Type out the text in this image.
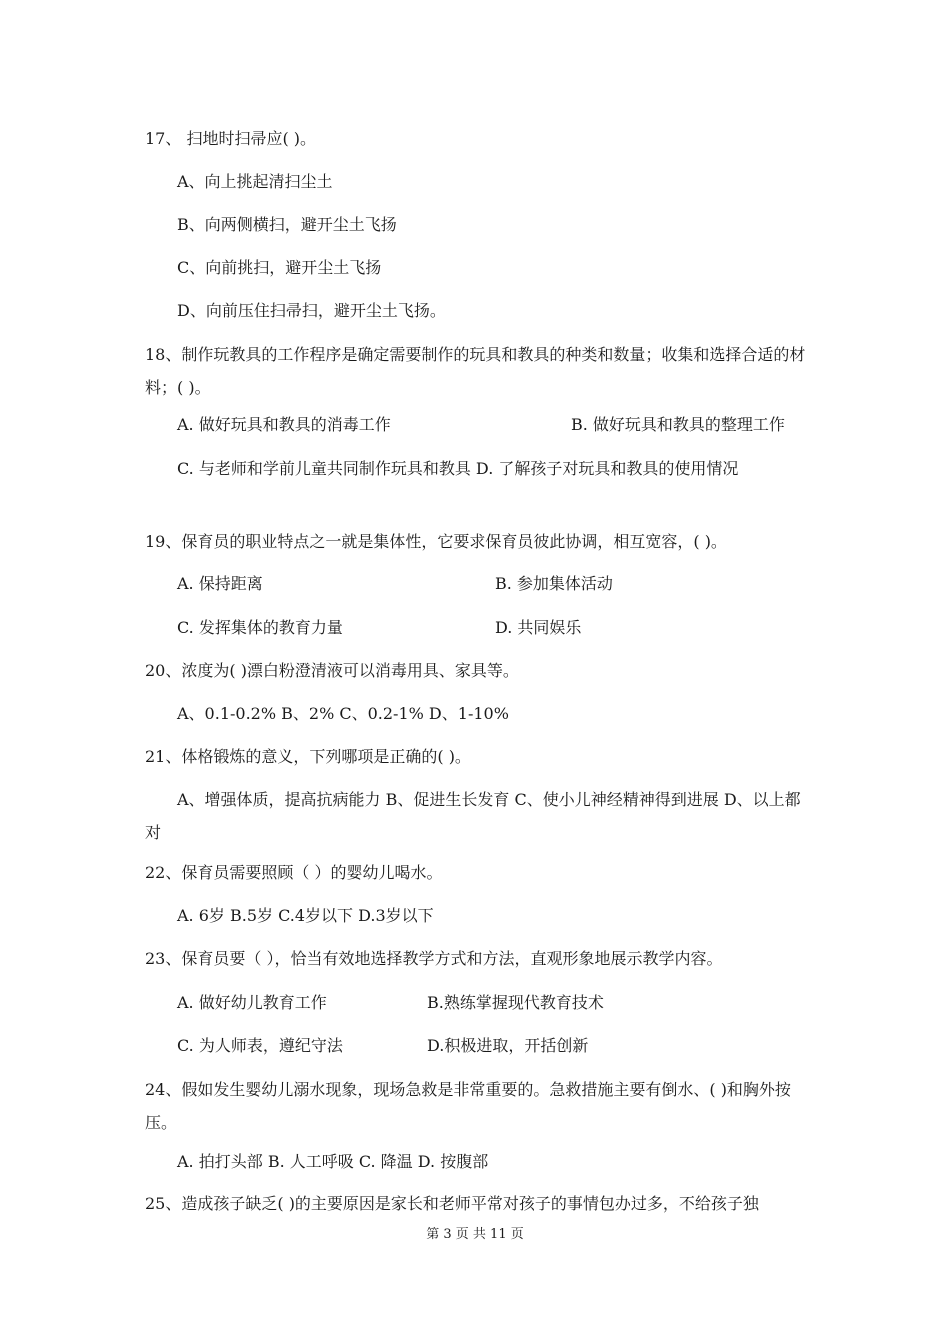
17、 扫地时扫帚应( )。
A、向上挑起清扫尘土
B、向两侧横扫，避开尘土飞扬
C、向前挑扫，避开尘土飞扬
D、向前压住扫帚扫，避开尘土飞扬。
18、制作玩教具的工作程序是确定需要制作的玩具和教具的种类和数量；收集和选择合适的材料；( )。
A. 做好玩具和教具的消毒工作	B. 做好玩具和教具的整理工作
C. 与老师和学前儿童共同制作玩具和教具 D. 了解孩子对玩具和教具的使用情况
19、保育员的职业特点之一就是集体性，它要求保育员彼此协调，相互宽容，( )。
A. 保持距离	B. 参加集体活动
C. 发挥集体的教育力量	D. 共同娱乐
20、浓度为( )漂白粉澄清液可以消毒用具、家具等。
A、0.1-0.2% B、2% C、0.2-1% D、1-10%
21、体格锻炼的意义，下列哪项是正确的( )。
A、增强体质，提高抗病能力 B、促进生长发育 C、使小儿神经精神得到进展 D、以上都对
22、保育员需要照顾（ ）的婴幼儿喝水。
A. 6岁 B.5岁 C.4岁以下 D.3岁以下
23、保育员要（ ），恰当有效地选择教学方式和方法，直观形象地展示教学内容。
A. 做好幼儿教育工作	B.熟练掌握现代教育技术
C. 为人师表，遵纪守法	D.积极进取，开括创新
24、假如发生婴幼儿溺水现象，现场急救是非常重要的。急救措施主要有倒水、( )和胸外按压。
A. 拍打头部 B. 人工呼吸 C. 降温 D. 按腹部
25、造成孩子缺乏( )的主要原因是家长和老师平常对孩子的事情包办过多，不给孩子独
第 3 页 共 11 页
